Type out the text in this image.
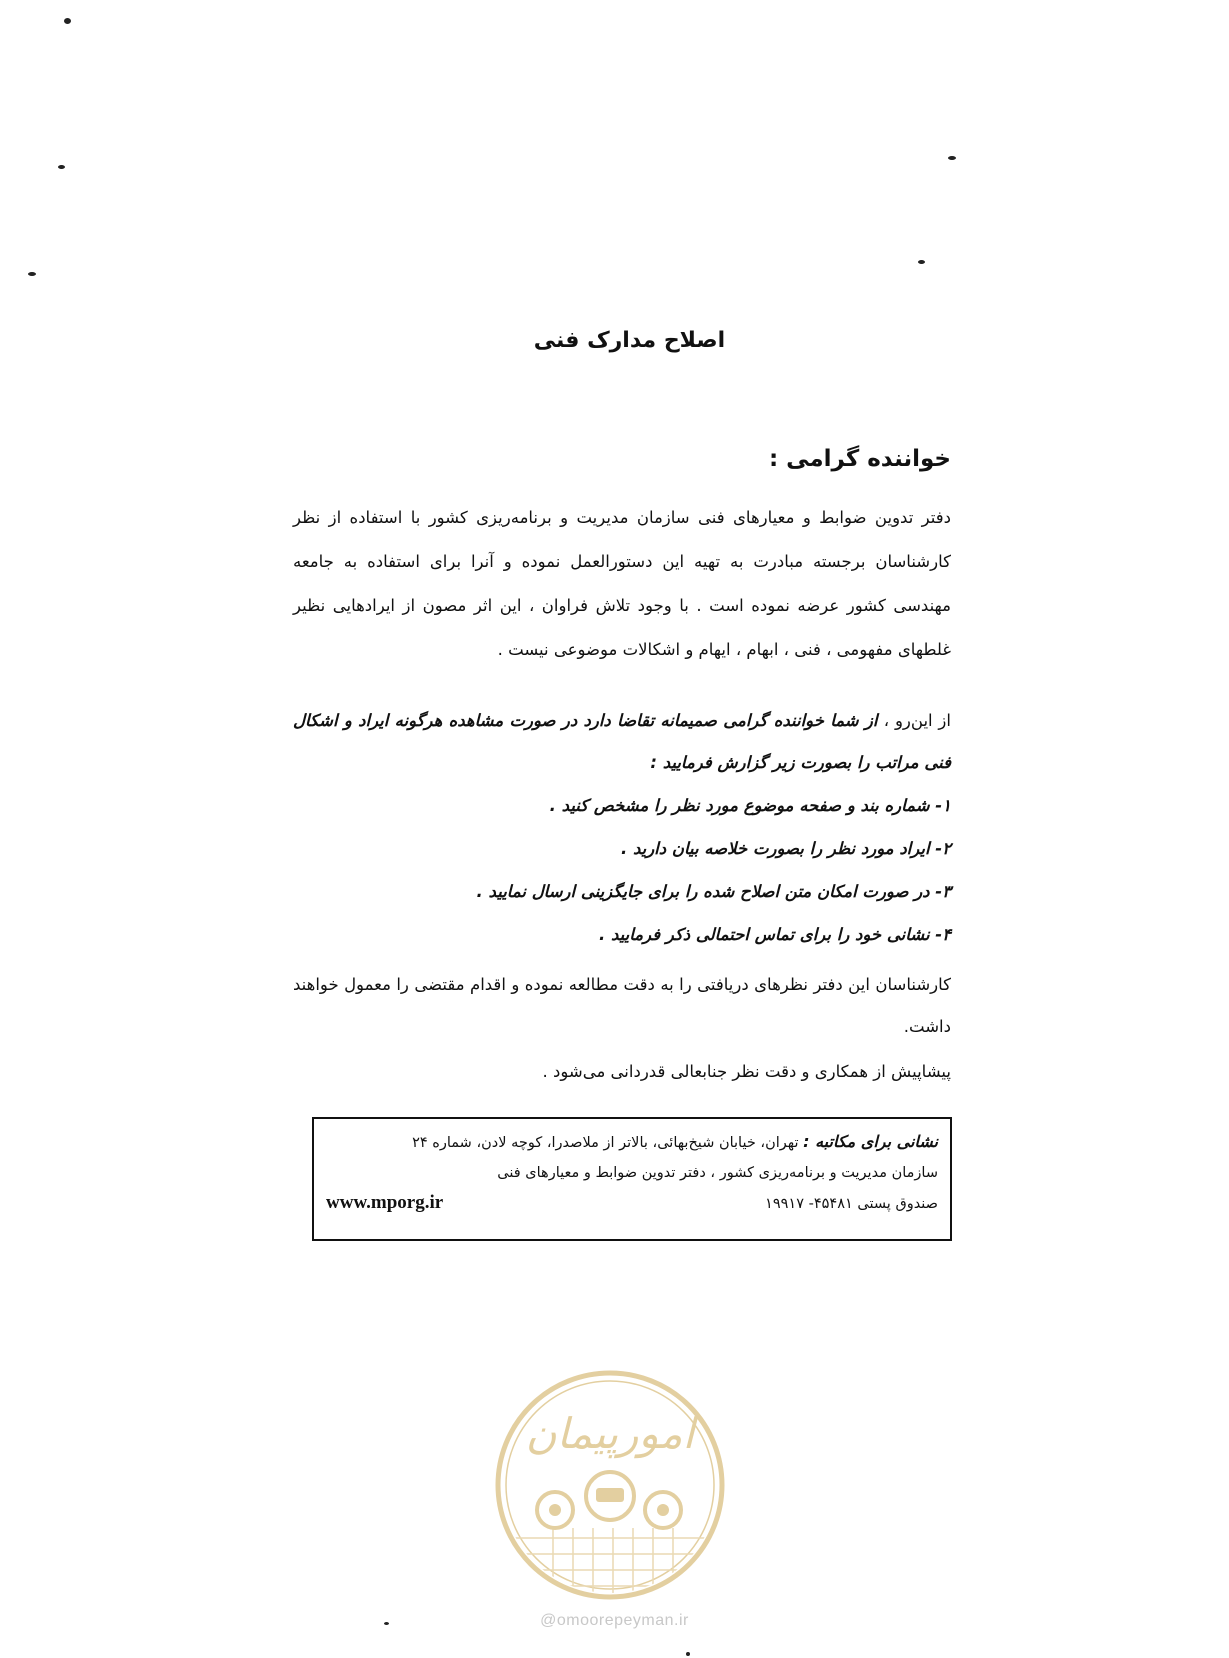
اصلاح مدارک فنی
خواننده گرامی :
دفتر تدوین ضوابط و معیارهای فنی سازمان مدیریت و برنامه‌ریزی کشور با استفاده از نظر کارشناسان برجسته مبادرت به تهیه این دستورالعمل نموده و آنرا برای استفاده به جامعه مهندسی کشور عرضه نموده است . با وجود تلاش فراوان ، این اثر مصون از ایرادهایی نظیر غلطهای مفهومی ، فنی ، ابهام ، ایهام و اشکالات موضوعی نیست .
از این‌رو ، از شما خواننده گرامی صمیمانه تقاضا دارد در صورت مشاهده هرگونه ایراد و اشکال فنی مراتب را بصورت زیر گزارش فرمایید :
۱- شماره بند و صفحه موضوع مورد نظر را مشخص کنید .
۲- ایراد مورد نظر را بصورت خلاصه بیان دارید .
۳- در صورت امکان متن اصلاح شده را برای جایگزینی ارسال نمایید .
۴- نشانی خود را برای تماس احتمالی ذکر فرمایید .
کارشناسان این دفتر نظرهای دریافتی را به دقت مطالعه نموده و اقدام مقتضی را معمول خواهند داشت.
پیشاپیش از همکاری و دقت نظر جنابعالی قدردانی می‌شود .
نشانی برای مکاتبه : تهران، خیابان شیخ‌بهائی، بالاتر از ملاصدرا، کوچه لادن، شماره ۲۴
سازمان مدیریت و برنامه‌ریزی کشور ، دفتر تدوین ضوابط و معیارهای فنی
صندوق پستی ۴۵۴۸۱- ۱۹۹۱۷
www.mporg.ir
امورپیمان
@omoorepeyman.ir
